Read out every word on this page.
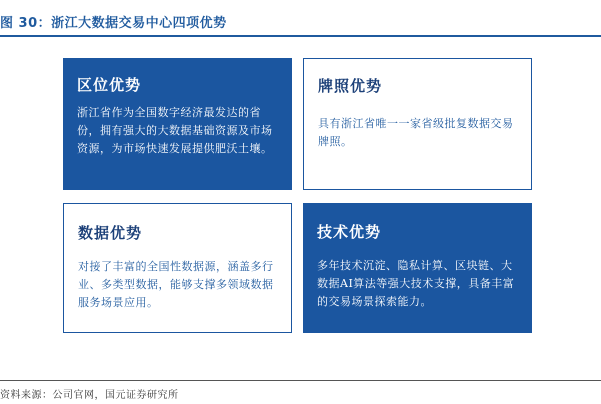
图 30：浙江大数据交易中心四项优势
区位优势
浙江省作为全国数字经济最发达的省份，拥有强大的大数据基础资源及市场资源，为市场快速发展提供肥沃土壤。
牌照优势
具有浙江省唯一一家省级批复数据交易牌照。
数据优势
对接了丰富的全国性数据源，涵盖多行业、多类型数据，能够支撑多领域数据服务场景应用。
技术优势
多年技术沉淀、隐私计算、区块链、大数据AI算法等强大技术支撑，具备丰富的交易场景探索能力。
资料来源：公司官网，国元证券研究所
